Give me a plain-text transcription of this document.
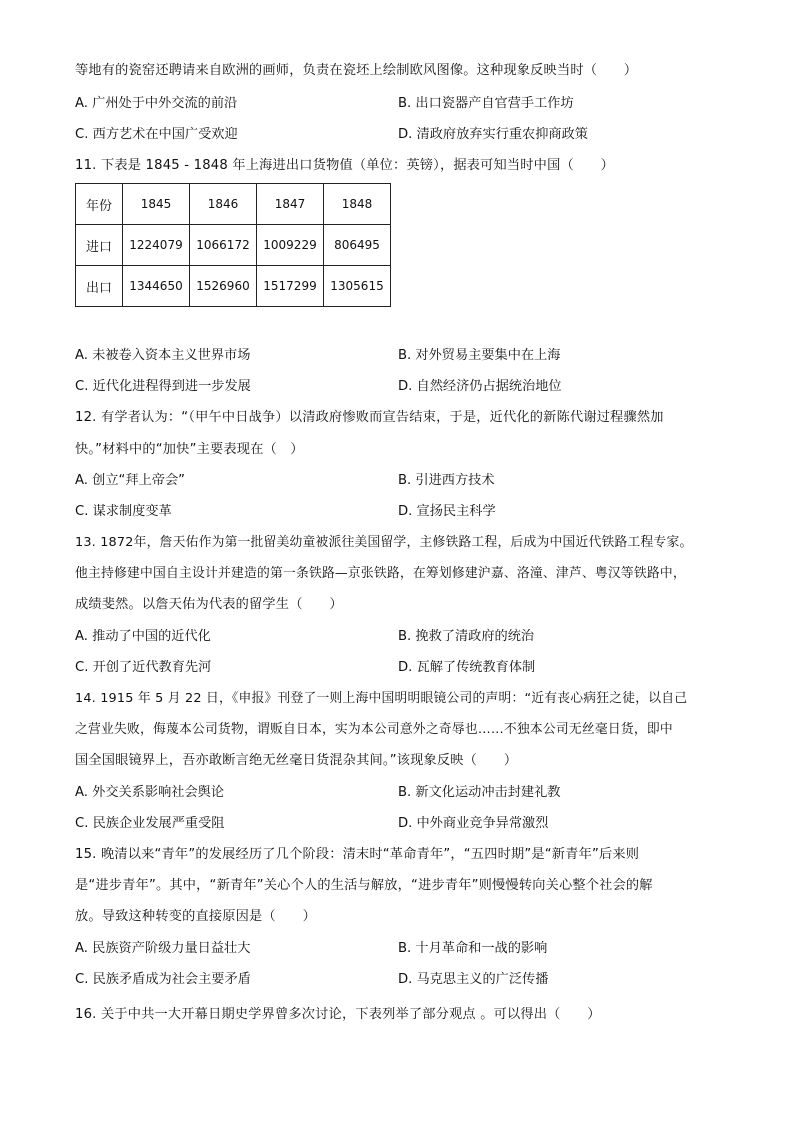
等地有的瓷窑还聘请来自欧洲的画师，负责在瓷坯上绘制欧风图像。这种现象反映当时（　　）
A. 广州处于中外交流的前沿	B. 出口瓷器产自官营手工作坊
C. 西方艺术在中国广受欢迎	D. 清政府放弃实行重农抑商政策
11. 下表是 1845 - 1848 年上海进出口货物值（单位：英镑），据表可知当时中国（　　）
年份	1845	1846	1847	1848
进口	1224079	1066172	1009229	806495
出口	1344650	1526960	1517299	1305615
A. 未被卷入资本主义世界市场	B. 对外贸易主要集中在上海
C. 近代化进程得到进一步发展	D. 自然经济仍占据统治地位
12. 有学者认为：“（甲午中日战争）以清政府惨败而宣告结束，于是，近代化的新陈代谢过程骤然加
快。”材料中的“加快”主要表现在（　）
A. 创立“拜上帝会”	B. 引进西方技术
C. 谋求制度变革	D. 宣扬民主科学
13. 1872年，詹天佑作为第一批留美幼童被派往美国留学，主修铁路工程，后成为中国近代铁路工程专家。
他主持修建中国自主设计并建造的第一条铁路—京张铁路，在筹划修建沪嘉、洛潼、津芦、粤汉等铁路中，
成绩斐然。以詹天佑为代表的留学生（　　）
A. 推动了中国的近代化	B. 挽救了清政府的统治
C. 开创了近代教育先河	D. 瓦解了传统教育体制
14. 1915 年 5 月 22 日，《申报》刊登了一则上海中国明明眼镜公司的声明：“近有丧心病狂之徒，以自己
之营业失败，侮蔑本公司货物，谓贩自日本，实为本公司意外之奇辱也……不独本公司无丝毫日货，即中
国全国眼镜界上，吾亦敢断言绝无丝毫日货混杂其间。”该现象反映（　　）
A. 外交关系影响社会舆论	B. 新文化运动冲击封建礼教
C. 民族企业发展严重受阻	D. 中外商业竞争异常激烈
15. 晚清以来“青年”的发展经历了几个阶段：清末时“革命青年”，“五四时期”是“新青年”后来则
是“进步青年”。其中，“新青年”关心个人的生活与解放，“进步青年”则慢慢转向关心整个社会的解
放。导致这种转变的直接原因是（　　）
A. 民族资产阶级力量日益壮大	B. 十月革命和一战的影响
C. 民族矛盾成为社会主要矛盾	D. 马克思主义的广泛传播
16. 关于中共一大开幕日期史学界曾多次讨论，下表列举了部分观点 。可以得出（　　）
